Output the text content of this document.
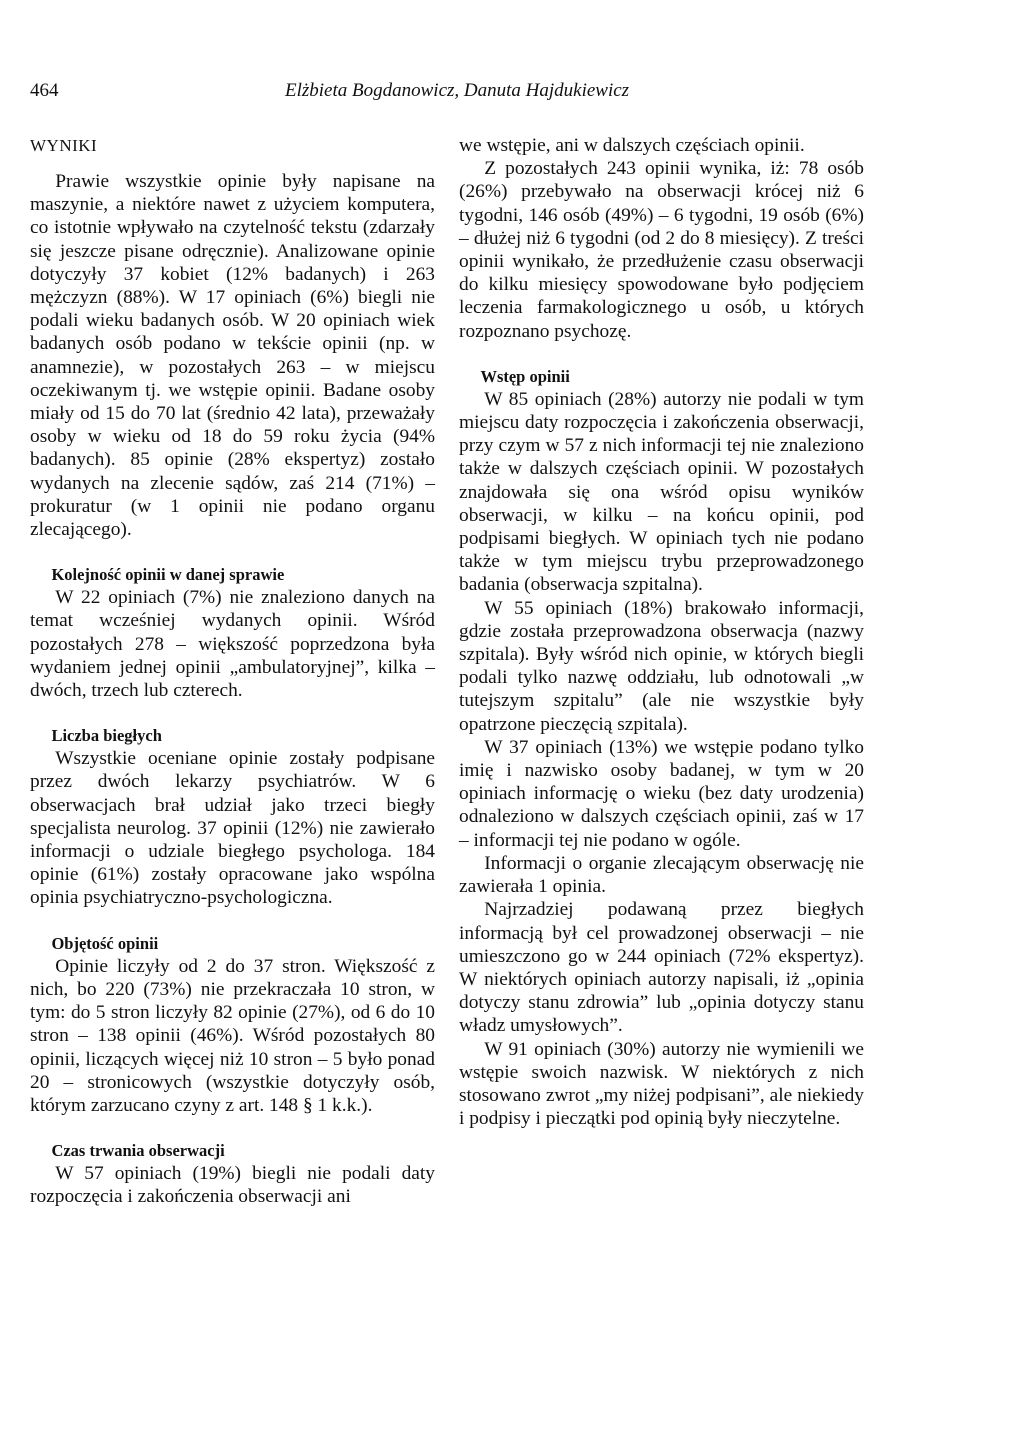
464	Elżbieta Bogdanowicz, Danuta Hajdukiewicz

WYNIKI

Prawie wszystkie opinie były napisane na maszynie, a niektóre nawet z użyciem komputera, co istotnie wpływało na czytelność tekstu (zdarzały się jeszcze pisane odręcznie). Analizowane opinie dotyczyły 37 kobiet (12% badanych) i 263 mężczyzn (88%). W 17 opiniach (6%) biegli nie podali wieku badanych osób. W 20 opiniach wiek badanych osób podano w tekście opinii (np. w anamnezie), w pozostałych 263 – w miejscu oczekiwanym tj. we wstępie opinii. Badane osoby miały od 15 do 70 lat (średnio 42 lata), przeważały osoby w wieku od 18 do 59 roku życia (94% badanych). 85 opinie (28% ekspertyz) zostało wydanych na zlecenie sądów, zaś 214 (71%) – prokuratur (w 1 opinii nie podano organu zlecającego).

Kolejność opinii w danej sprawie

W 22 opiniach (7%) nie znaleziono danych na temat wcześniej wydanych opinii. Wśród pozostałych 278 – większość poprzedzona była wydaniem jednej opinii „ambulatoryjnej”, kilka – dwóch, trzech lub czterech.

Liczba biegłych

Wszystkie oceniane opinie zostały podpisane przez dwóch lekarzy psychiatrów. W 6 obserwacjach brał udział jako trzeci biegły specjalista neurolog. 37 opinii (12%) nie zawierało informacji o udziale biegłego psychologa. 184 opinie (61%) zostały opracowane jako wspólna opinia psychiatryczno-psychologiczna.

Objętość opinii

Opinie liczyły od 2 do 37 stron. Większość z nich, bo 220 (73%) nie przekraczała 10 stron, w tym: do 5 stron liczyły 82 opinie (27%), od 6 do 10 stron – 138 opinii (46%). Wśród pozostałych 80 opinii, liczących więcej niż 10 stron – 5 było ponad 20 – stronicowych (wszystkie dotyczyły osób, którym zarzucano czyny z art. 148 § 1 k.k.).

Czas trwania obserwacji

W 57 opiniach (19%) biegli nie podali daty rozpoczęcia i zakończenia obserwacji ani

we wstępie, ani w dalszych częściach opinii.

Z pozostałych 243 opinii wynika, iż: 78 osób (26%) przebywało na obserwacji krócej niż 6 tygodni, 146 osób (49%) – 6 tygodni, 19 osób (6%) – dłużej niż 6 tygodni (od 2 do 8 miesięcy). Z treści opinii wynikało, że przedłużenie czasu obserwacji do kilku miesięcy spowodowane było podjęciem leczenia farmakologicznego u osób, u których rozpoznano psychozę.

Wstęp opinii

W 85 opiniach (28%) autorzy nie podali w tym miejscu daty rozpoczęcia i zakończenia obserwacji, przy czym w 57 z nich informacji tej nie znaleziono także w dalszych częściach opinii. W pozostałych znajdowała się ona wśród opisu wyników obserwacji, w kilku – na końcu opinii, pod podpisami biegłych. W opiniach tych nie podano także w tym miejscu trybu przeprowadzonego badania (obserwacja szpitalna).

W 55 opiniach (18%) brakowało informacji, gdzie została przeprowadzona obserwacja (nazwy szpitala). Były wśród nich opinie, w których biegli podali tylko nazwę oddziału, lub odnotowali „w tutejszym szpitalu” (ale nie wszystkie były opatrzone pieczęcią szpitala).

W 37 opiniach (13%) we wstępie podano tylko imię i nazwisko osoby badanej, w tym w 20 opiniach informację o wieku (bez daty urodzenia) odnaleziono w dalszych częściach opinii, zaś w 17 – informacji tej nie podano w ogóle.

Informacji o organie zlecającym obserwację nie zawierała 1 opinia.

Najrzadziej podawaną przez biegłych informacją był cel prowadzonej obserwacji – nie umieszczono go w 244 opiniach (72% ekspertyz). W niektórych opiniach autorzy napisali, iż „opinia dotyczy stanu zdrowia” lub „opinia dotyczy stanu władz umysłowych”.

W 91 opiniach (30%) autorzy nie wymienili we wstępie swoich nazwisk. W niektórych z nich stosowano zwrot „my niżej podpisani”, ale niekiedy i podpisy i pieczątki pod opinią były nieczytelne.
